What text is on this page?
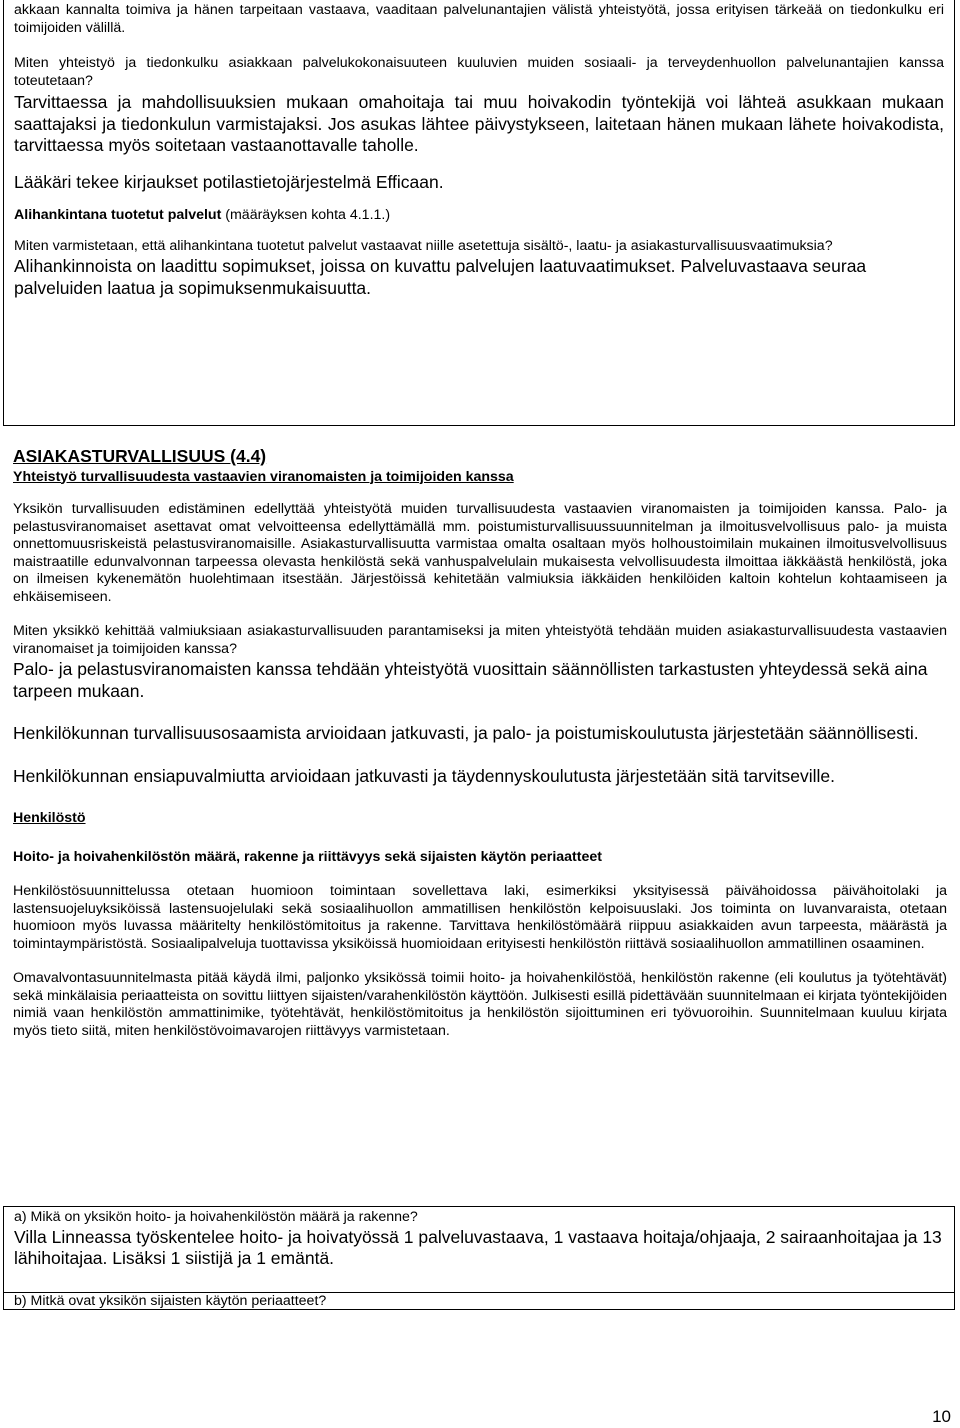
akkaan kannalta toimiva ja hänen tarpeitaan vastaava, vaaditaan palvelunantajien välistä yhteistyötä, jossa erityisen tärkeää on tiedonkulku eri toimijoiden välillä.

Miten yhteistyö ja tiedonkulku asiakkaan palvelukokonaisuuteen kuuluvien muiden sosiaali- ja terveydenhuollon palvelunantajien kanssa toteutetaan?

Tarvittaessa ja mahdollisuuksien mukaan omahoitaja tai muu hoivakodin työntekijä voi lähteä asukkaan mukaan saattajaksi ja tiedonkulun varmistajaksi. Jos asukas lähtee päivystykseen, laitetaan hänen mukaan lähete hoivakodista, tarvittaessa myös soitetaan vastaanottavalle taholle.

Lääkäri tekee kirjaukset potilastietojärjestelmä Efficaan.

Alihankintana tuotetut palvelut (määräyksen kohta 4.1.1.)

Miten varmistetaan, että alihankintana tuotetut palvelut vastaavat niille asetettuja sisältö-, laatu- ja asiakasturvallisuusvaatimuksia?

Alihankinnoista on laadittu sopimukset, joissa on kuvattu palvelujen laatuvaatimukset. Palveluvastaava seuraa palveluiden laatua ja sopimuksenmukaisuutta.

ASIAKASTURVALLISUUS (4.4)

Yhteistyö turvallisuudesta vastaavien viranomaisten ja toimijoiden kanssa

Yksikön turvallisuuden edistäminen edellyttää yhteistyötä muiden turvallisuudesta vastaavien viranomaisten ja toimijoiden kanssa. Palo- ja pelastusviranomaiset asettavat omat velvoitteensa edellyttämällä mm. poistumisturvallisuussuunnitelman ja ilmoitusvelvollisuus palo- ja muista onnettomuusriskeistä pelastusviranomaisille. Asiakasturvallisuutta varmistaa omalta osaltaan myös holhoustoimilain mukainen ilmoitusvelvollisuus maistraatille edunvalvonnan tarpeessa olevasta henkilöstä sekä vanhuspalvelulain mukaisesta velvollisuudesta ilmoittaa iäkkäästä henkilöstä, joka on ilmeisen kykenemätön huolehtimaan itsestään. Järjestöissä kehitetään valmiuksia iäkkäiden henkilöiden kaltoin kohtelun kohtaamiseen ja ehkäisemiseen.

Miten yksikkö kehittää valmiuksiaan asiakasturvallisuuden parantamiseksi ja miten yhteistyötä tehdään muiden asiakasturvallisuudesta vastaavien viranomaiset ja toimijoiden kanssa?

Palo- ja pelastusviranomaisten kanssa tehdään yhteistyötä vuosittain säännöllisten tarkastusten yhteydessä sekä aina tarpeen mukaan.

Henkilökunnan turvallisuusosaamista arvioidaan jatkuvasti, ja palo- ja poistumiskoulutusta järjestetään säännöllisesti.

Henkilökunnan ensiapuvalmiutta arvioidaan jatkuvasti ja täydennyskoulutusta järjestetään sitä tarvitseville.

Henkilöstö

Hoito- ja hoivahenkilöstön määrä, rakenne ja riittävyys sekä sijaisten käytön periaatteet

Henkilöstösuunnittelussa otetaan huomioon toimintaan sovellettava laki, esimerkiksi yksityisessä päivähoidossa päivähoitolaki ja lastensuojeluyksiköissä lastensuojelulaki sekä sosiaalihuollon ammatillisen henkilöstön kelpoisuuslaki. Jos toiminta on luvanvaraista, otetaan huomioon myös luvassa määritelty henkilöstömitoitus ja rakenne. Tarvittava henkilöstömäärä riippuu asiakkaiden avun tarpeesta, määrästä ja toimintaympäristöstä. Sosiaalipalveluja tuottavissa yksiköissä huomioidaan erityisesti henkilöstön riittävä sosiaalihuollon ammatillinen osaaminen.

Omavalvontasuunnitelmasta pitää käydä ilmi, paljonko yksikössä toimii hoito- ja hoivahenkilöstöä, henkilöstön rakenne (eli koulutus ja työtehtävät) sekä minkälaisia periaatteista on sovittu liittyen sijaisten/varahenkilöstön käyttöön. Julkisesti esillä pidettävään suunnitelmaan ei kirjata työntekijöiden nimiä vaan henkilöstön ammattinimike, työtehtävät, henkilöstömitoitus ja henkilöstön sijoittuminen eri työvuoroihin. Suunnitelmaan kuuluu kirjata myös tieto siitä, miten henkilöstövoimavarojen riittävyys varmistetaan.

a) Mikä on yksikön hoito- ja hoivahenkilöstön määrä ja rakenne?

Villa Linneassa työskentelee hoito- ja hoivatyössä 1 palveluvastaava, 1 vastaava hoitaja/ohjaaja, 2 sairaanhoitajaa ja 13 lähihoitajaa. Lisäksi 1 siistijä ja 1 emäntä.

b) Mitkä ovat yksikön sijaisten käytön periaatteet?

10
